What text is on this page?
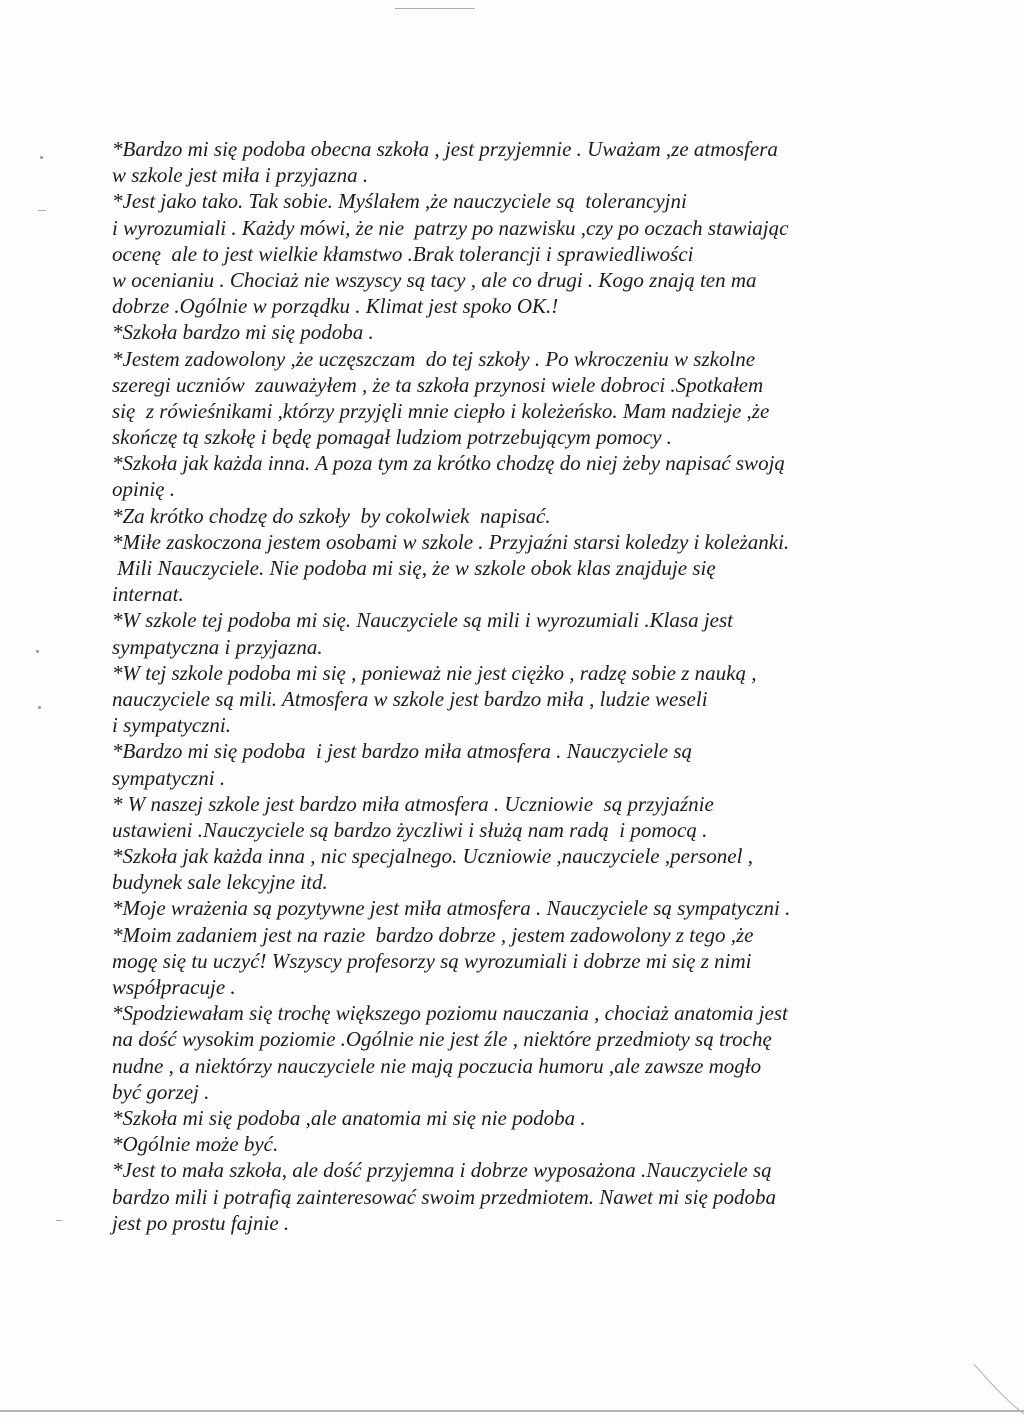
*Bardzo mi się podoba obecna szkoła , jest przyjemnie . Uważam ,ze atmosfera
w szkole jest miła i przyjazna .
*Jest jako tako. Tak sobie. Myślałem ,że nauczyciele są  tolerancyjni
i wyrozumiali . Każdy mówi, że nie  patrzy po nazwisku ,czy po oczach stawiając
ocenę  ale to jest wielkie kłamstwo .Brak tolerancji i sprawiedliwości
w ocenianiu . Chociaż nie wszyscy są tacy , ale co drugi . Kogo znają ten ma
dobrze .Ogólnie w porządku . Klimat jest spoko OK.!
*Szkoła bardzo mi się podoba .
*Jestem zadowolony ,że uczęszczam  do tej szkoły . Po wkroczeniu w szkolne
szeregi uczniów  zauważyłem , że ta szkoła przynosi wiele dobroci .Spotkałem
się  z rówieśnikami ,którzy przyjęli mnie ciepło i koleżeńsko. Mam nadzieje ,że
skończę tą szkołę i będę pomagał ludziom potrzebującym pomocy .
*Szkoła jak każda inna. A poza tym za krótko chodzę do niej żeby napisać swoją
opinię .
*Za krótko chodzę do szkoły  by cokolwiek  napisać.
*Miłe zaskoczona jestem osobami w szkole . Przyjaźni starsi koledzy i koleżanki.
Mili Nauczyciele. Nie podoba mi się, że w szkole obok klas znajduje się
internat.
*W szkole tej podoba mi się. Nauczyciele są mili i wyrozumiali .Klasa jest
sympatyczna i przyjazna.
*W tej szkole podoba mi się , ponieważ nie jest ciężko , radzę sobie z nauką ,
nauczyciele są mili. Atmosfera w szkole jest bardzo miła , ludzie weseli
i sympatyczni.
*Bardzo mi się podoba  i jest bardzo miła atmosfera . Nauczyciele są
sympatyczni .
* W naszej szkole jest bardzo miła atmosfera . Uczniowie  są przyjaźnie
ustawieni .Nauczyciele są bardzo życzliwi i służą nam radą  i pomocą .
*Szkoła jak każda inna , nic specjalnego. Uczniowie ,nauczyciele ,personel ,
budynek sale lekcyjne itd.
*Moje wrażenia są pozytywne jest miła atmosfera . Nauczyciele są sympatyczni .
*Moim zadaniem jest na razie  bardzo dobrze , jestem zadowolony z tego ,że
mogę się tu uczyć! Wszyscy profesorzy są wyrozumiali i dobrze mi się z nimi
współpracuje .
*Spodziewałam się trochę większego poziomu nauczania , chociaż anatomia jest
na dość wysokim poziomie .Ogólnie nie jest źle , niektóre przedmioty są trochę
nudne , a niektórzy nauczyciele nie mają poczucia humoru ,ale zawsze mogło
być gorzej .
*Szkoła mi się podoba ,ale anatomia mi się nie podoba .
*Ogólnie może być.
*Jest to mała szkoła, ale dość przyjemna i dobrze wyposażona .Nauczyciele są
bardzo mili i potrafią zainteresować swoim przedmiotem. Nawet mi się podoba
jest po prostu fajnie .
